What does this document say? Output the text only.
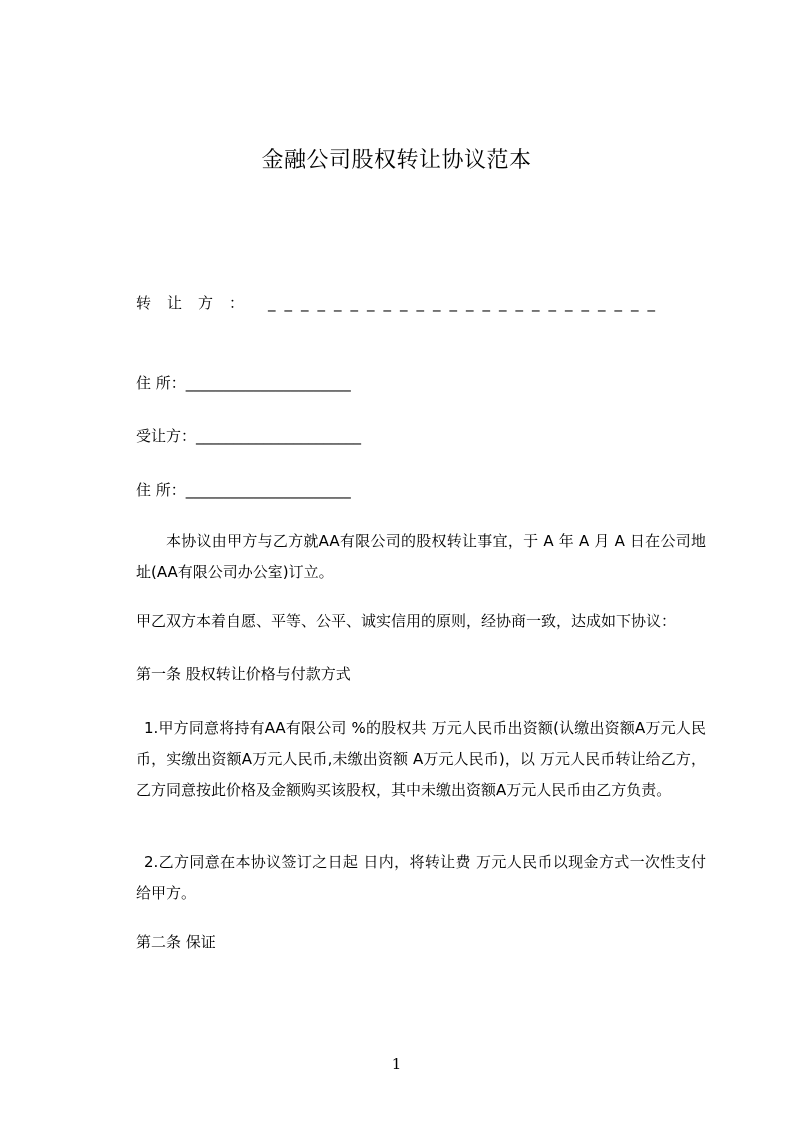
金融公司股权转让协议范本
转让方： ________________________
住 所：______________________
受让方：______________________
住 所：______________________
本协议由甲方与乙方就AA有限公司的股权转让事宜，于 A 年 A 月 A 日在公司地址(AA有限公司办公室)订立。
甲乙双方本着自愿、平等、公平、诚实信用的原则，经协商一致，达成如下协议：
第一条 股权转让价格与付款方式
1.甲方同意将持有AA有限公司 %的股权共 万元人民币出资额(认缴出资额A万元人民币，实缴出资额A万元人民币,未缴出资额 A万元人民币)，以 万元人民币转让给乙方，乙方同意按此价格及金额购买该股权，其中未缴出资额A万元人民币由乙方负责。
2.乙方同意在本协议签订之日起 日内，将转让费 万元人民币以现金方式一次性支付给甲方。
第二条 保证
1
